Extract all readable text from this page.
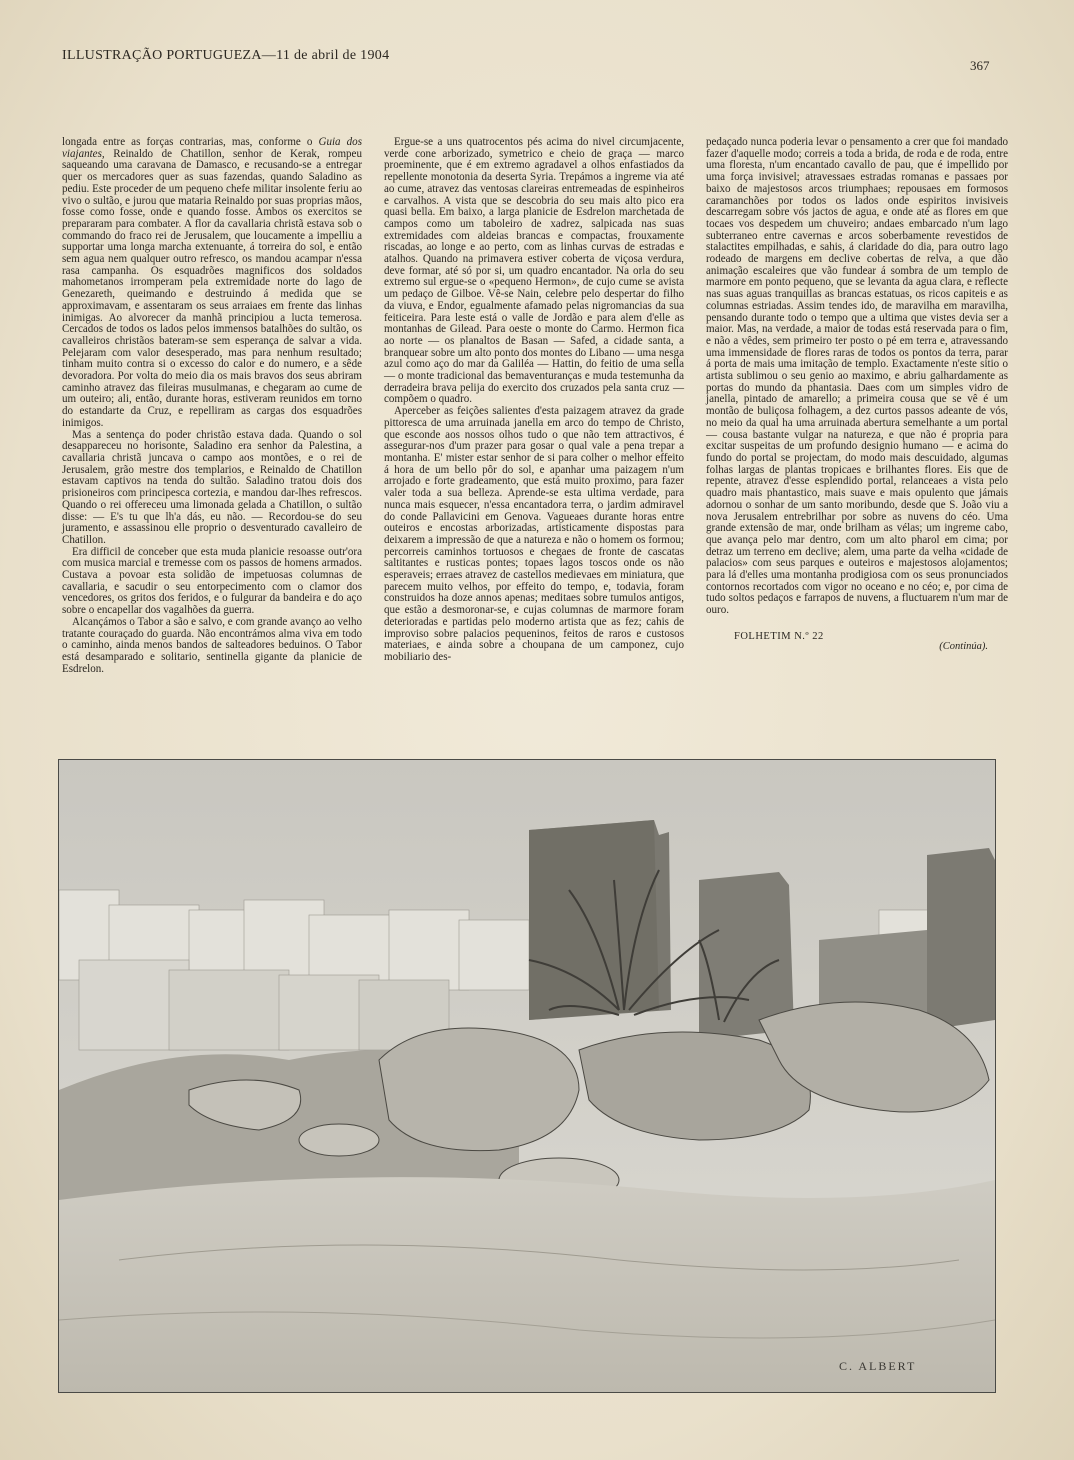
ILLUSTRAÇÃO PORTUGUEZA—11 de abril de 1904
367

longada entre as forças contrarias, mas, conforme o Guia dos viajantes, Reinaldo de Chatillon, senhor de Kerak, rompeu saqueando uma caravana de Damasco, e recusando-se a entregar quer os mercadores quer as suas fazendas, quando Saladino as pediu. Este proceder de um pequeno chefe militar insolente feriu ao vivo o sultão, e jurou que mataria Reinaldo por suas proprias mãos, fosse como fosse, onde e quando fosse. Ambos os exercitos se prepararam para combater. A flor da cavallaria christã estava sob o commando do fraco rei de Jerusalem, que loucamente a impelliu a supportar uma longa marcha extenuante, á torreira do sol, e então sem agua nem qualquer outro refresco, os mandou acampar n'essa rasa campanha. Os esquadrões magnificos dos soldados mahometanos irromperam pela extremidade norte do lago de Genezareth, queimando e destruindo á medida que se approximavam, e assentaram os seus arraiaes em frente das linhas inimigas. Ao alvorecer da manhã principiou a lucta temerosa. Cercados de todos os lados pelos immensos batalhões do sultão, os cavalleiros christãos bateram-se sem esperança de salvar a vida. Pelejaram com valor desesperado, mas para nenhum resultado; tinham muito contra si o excesso do calor e do numero, e a sêde devoradora. Por volta do meio dia os mais bravos dos seus abriram caminho atravez das fileiras musulmanas, e chegaram ao cume de um outeiro; ali, então, durante horas, estiveram reunidos em torno do estandarte da Cruz, e repelliram as cargas dos esquadrões inimigos.

Mas a sentença do poder christão estava dada. Quando o sol desappareceu no horisonte, Saladino era senhor da Palestina, a cavallaria christã juncava o campo aos montões, e o rei de Jerusalem, grão mestre dos templarios, e Reinaldo de Chatillon estavam captivos na tenda do sultão. Saladino tratou dois dos prisioneiros com principesca cortezia, e mandou dar-lhes refrescos. Quando o rei offereceu uma limonada gelada a Chatillon, o sultão disse: — E's tu que lh'a dás, eu não. — Recordou-se do seu juramento, e assassinou elle proprio o desventurado cavalleiro de Chatillon.

Era difficil de conceber que esta muda planicie resoasse outr'ora com musica marcial e tremesse com os passos de homens armados. Custava a povoar esta solidão de impetuosas columnas de cavallaria, e sacudir o seu entorpecimento com o clamor dos vencedores, os gritos dos feridos, e o fulgurar da bandeira e do aço sobre o encapellar dos vagalhões da guerra.

Alcançámos o Tabor a são e salvo, e com grande avanço ao velho tratante couraçado do guarda. Não encontrámos alma viva em todo o caminho, ainda menos bandos de salteadores beduinos. O Tabor está desamparado e solitario, sentinella gigante da planicie de Esdrelon.

Ergue-se a uns quatrocentos pés acima do nivel circumjacente, verde cone arborizado, symetrico e cheio de graça — marco proeminente, que é em extremo agradavel a olhos enfastiados da repellente monotonia da deserta Syria. Trepámos a ingreme via até ao cume, atravez das ventosas clareiras entremeadas de espinheiros e carvalhos. A vista que se descobria do seu mais alto pico era quasi bella. Em baixo, a larga planicie de Esdrelon marchetada de campos como um taboleiro de xadrez, salpicada nas suas extremidades com aldeias brancas e compactas, frouxamente riscadas, ao longe e ao perto, com as linhas curvas de estradas e atalhos. Quando na primavera estiver coberta de viçosa verdura, deve formar, até só por si, um quadro encantador. Na orla do seu extremo sul ergue-se o «pequeno Hermon», de cujo cume se avista um pedaço de Gilboe. Vê-se Nain, celebre pelo despertar do filho da viuva, e Endor, egualmente afamado pelas nigromancias da sua feiticeira. Para leste está o valle de Jordão e para alem d'elle as montanhas de Gilead. Para oeste o monte do Carmo. Hermon fica ao norte — os planaltos de Basan — Safed, a cidade santa, a branquear sobre um alto ponto dos montes do Libano — uma nesga azul como aço do mar da Galiléa — Hattin, do feitio de uma sella — o monte tradicional das bemaventuranças e muda testemunha da derradeira brava pelija do exercito dos cruzados pela santa cruz — compõem o quadro.

Aperceber as feições salientes d'esta paizagem atravez da grade pittoresca de uma arruinada janella em arco do tempo de Christo, que esconde aos nossos olhos tudo o que não tem attractivos, é assegurar-nos d'um prazer para gosar o qual vale a pena trepar a montanha. E' mister estar senhor de si para colher o melhor effeito á hora de um bello pôr do sol, e apanhar uma paizagem n'um arrojado e forte gradeamento, que está muito proximo, para fazer valer toda a sua belleza. Aprende-se esta ultima verdade, para nunca mais esquecer, n'essa encantadora terra, o jardim admiravel do conde Pallavicini em Genova. Vagueaes durante horas entre outeiros e encostas arborizadas, artisticamente dispostas para deixarem a impressão de que a natureza e não o homem os formou; percorreis caminhos tortuosos e chegaes de fronte de cascatas saltitantes e rusticas pontes; topaes lagos toscos onde os não esperaveis; erraes atravez de castellos medievaes em miniatura, que parecem muito velhos, por effeito do tempo, e, todavia, foram construidos ha doze annos apenas; meditaes sobre tumulos antigos, que estão a desmoronar-se, e cujas columnas de marmore foram deterioradas e partidas pelo moderno artista que as fez; cahis de improviso sobre palacios pequeninos, feitos de raros e custosos materiaes, e ainda sobre a choupana de um camponez, cujo mobiliario des-

pedaçado nunca poderia levar o pensamento a crer que foi mandado fazer d'aquelle modo; correis a toda a brida, de roda e de roda, entre uma floresta, n'um encantado cavallo de pau, que é impellido por uma força invisivel; atravessaes estradas romanas e passaes por baixo de majestosos arcos triumphaes; repousaes em formosos caramanchões por todos os lados onde espiritos invisiveis descarregam sobre vós jactos de agua, e onde até as flores em que tocaes vos despedem um chuveiro; andaes embarcado n'um lago subterraneo entre cavernas e arcos soberbamente revestidos de stalactites empilhadas, e sahis, á claridade do dia, para outro lago rodeado de margens em declive cobertas de relva, a que dão animação escaleires que vão fundear á sombra de um templo de marmore em ponto pequeno, que se levanta da agua clara, e reflecte nas suas aguas tranquillas as brancas estatuas, os ricos capiteis e as columnas estriadas. Assim tendes ido, de maravilha em maravilha, pensando durante todo o tempo que a ultima que vistes devia ser a maior. Mas, na verdade, a maior de todas está reservada para o fim, e não a vêdes, sem primeiro ter posto o pé em terra e, atravessando uma immensidade de flores raras de todos os pontos da terra, parar á porta de mais uma imitação de templo. Exactamente n'este sitio o artista sublimou o seu genio ao maximo, e abriu galhardamente as portas do mundo da phantasia. Daes com um simples vidro de janella, pintado de amarello; a primeira cousa que se vê é um montão de buliçosa folhagem, a dez curtos passos adeante de vós, no meio da qual ha uma arruinada abertura semelhante a um portal — cousa bastante vulgar na natureza, e que não é propria para excitar suspeitas de um profundo designio humano — e acima do fundo do portal se projectam, do modo mais descuidado, algumas folhas largas de plantas tropicaes e brilhantes flores. Eis que de repente, atravez d'esse esplendido portal, relanceaes a vista pelo quadro mais phantastico, mais suave e mais opulento que jámais adornou o sonhar de um santo moribundo, desde que S. João viu a nova Jerusalem entrebrilhar por sobre as nuvens do céo. Uma grande extensão de mar, onde brilham as vélas; um ingreme cabo, que avança pelo mar dentro, com um alto pharol em cima; por detraz um terreno em declive; alem, uma parte da velha «cidade de palacios» com seus parques e outeiros e majestosos alojamentos; para lá d'elles uma montanha prodigiosa com os seus pronunciados contornos recortados com vigor no oceano e no céo; e, por cima de tudo soltos pedaços e farrapos de nuvens, a fluctuarem n'um mar de ouro.

FOLHETIM N.º 22
(Continúa).
C. ALBERT
